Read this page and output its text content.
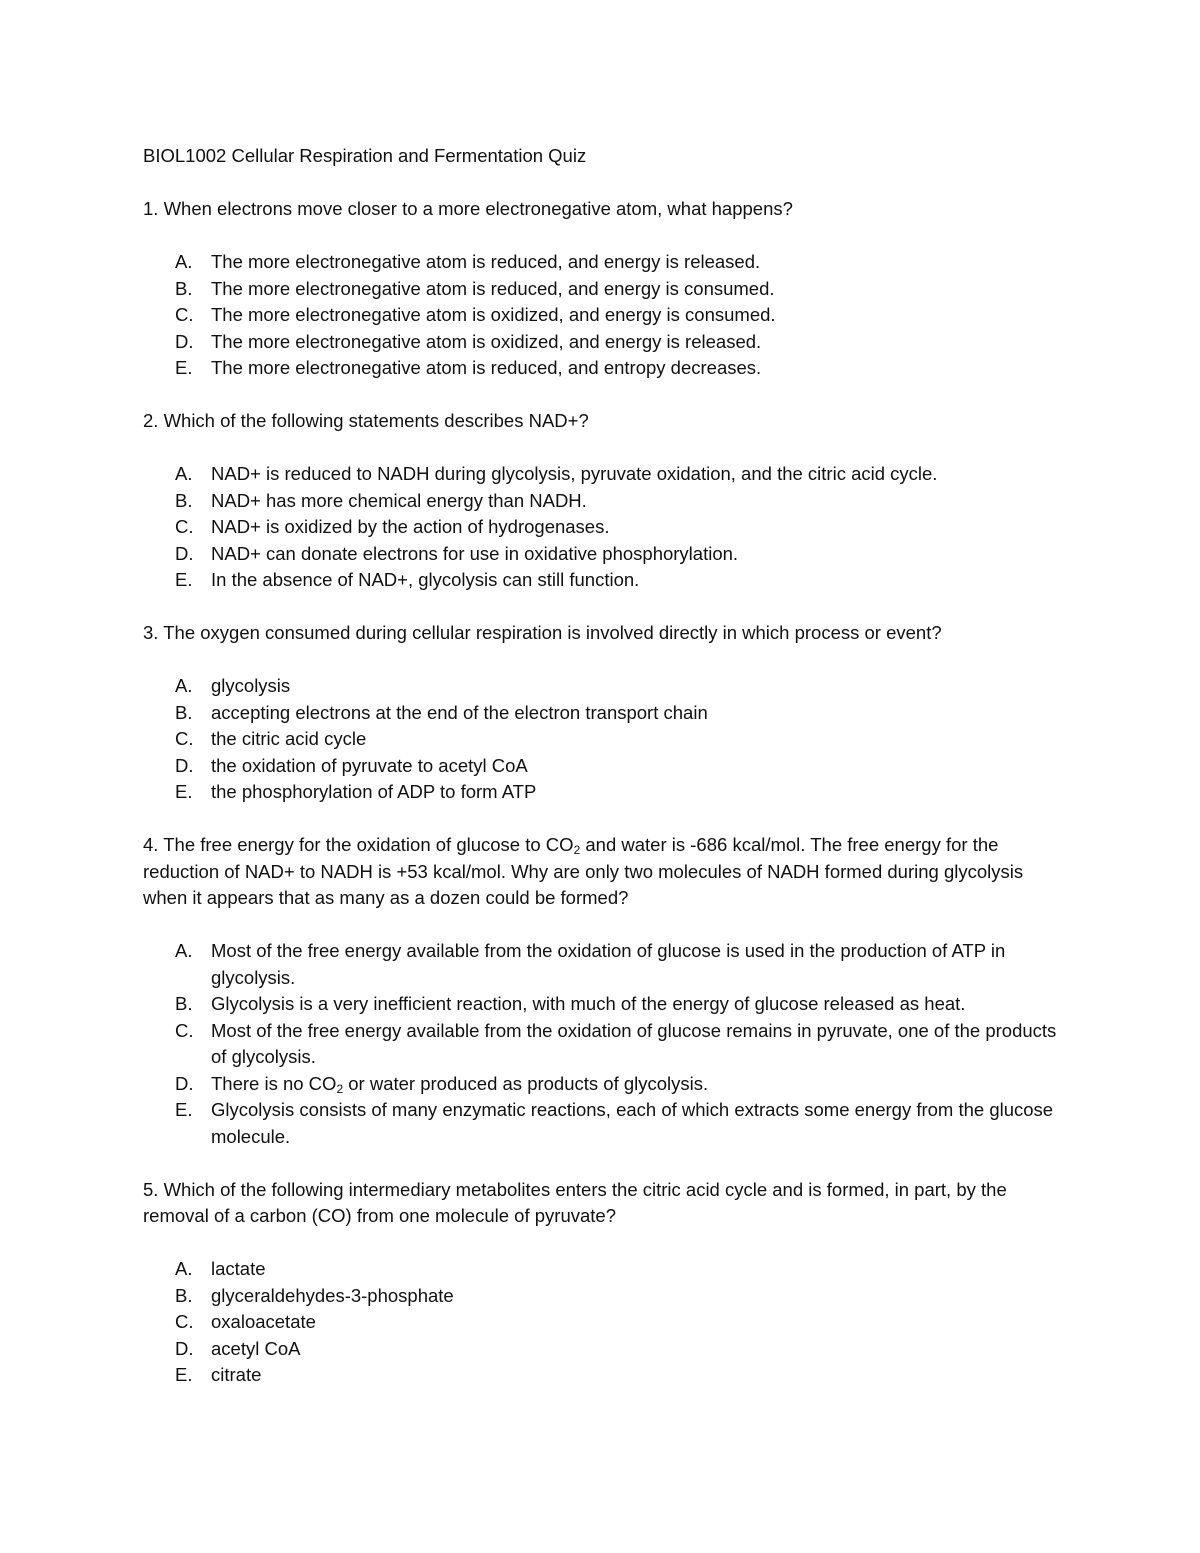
BIOL1002 Cellular Respiration and Fermentation Quiz

1. When electrons move closer to a more electronegative atom, what happens?

A.	The more electronegative atom is reduced, and energy is released.
B.	The more electronegative atom is reduced, and energy is consumed.
C. The more electronegative atom is oxidized, and energy is consumed.
D. The more electronegative atom is oxidized, and energy is released.
E.	The more electronegative atom is reduced, and entropy decreases.

2. Which of the following statements describes NAD+?

A.	NAD+ is reduced to NADH during glycolysis, pyruvate oxidation, and the citric acid cycle.
B.	NAD+ has more chemical energy than NADH.
C. NAD+ is oxidized by the action of hydrogenases.
D. NAD+ can donate electrons for use in oxidative phosphorylation.
E.	In the absence of NAD+, glycolysis can still function.

3. The oxygen consumed during cellular respiration is involved directly in which process or event?

A.	glycolysis
B.	accepting electrons at the end of the electron transport chain
C. the citric acid cycle
D. the oxidation of pyruvate to acetyl CoA
E.	the phosphorylation of ADP to form ATP

4. The free energy for the oxidation of glucose to $CO_2$ and water is -686 kcal/mol. The free energy for the reduction of NAD+ to NADH is +53 kcal/mol. Why are only two molecules of NADH formed during glycolysis when it appears that as many as a dozen could be formed?

A.	Most of the free energy available from the oxidation of glucose is used in the production of ATP in glycolysis.
B.	Glycolysis is a very inefficient reaction, with much of the energy of glucose released as heat.
C. Most of the free energy available from the oxidation of glucose remains in pyruvate, one of the products of glycolysis.
D. There is no $CO_2$ or water produced as products of glycolysis.
E.	Glycolysis consists of many enzymatic reactions, each of which extracts some energy from the glucose molecule.

5. Which of the following intermediary metabolites enters the citric acid cycle and is formed, in part, by the removal of a carbon (CO) from one molecule of pyruvate?

A.	lactate
B.	glyceraldehydes-3-phosphate
C. oxaloacetate
D. acetyl CoA
E.	citrate
